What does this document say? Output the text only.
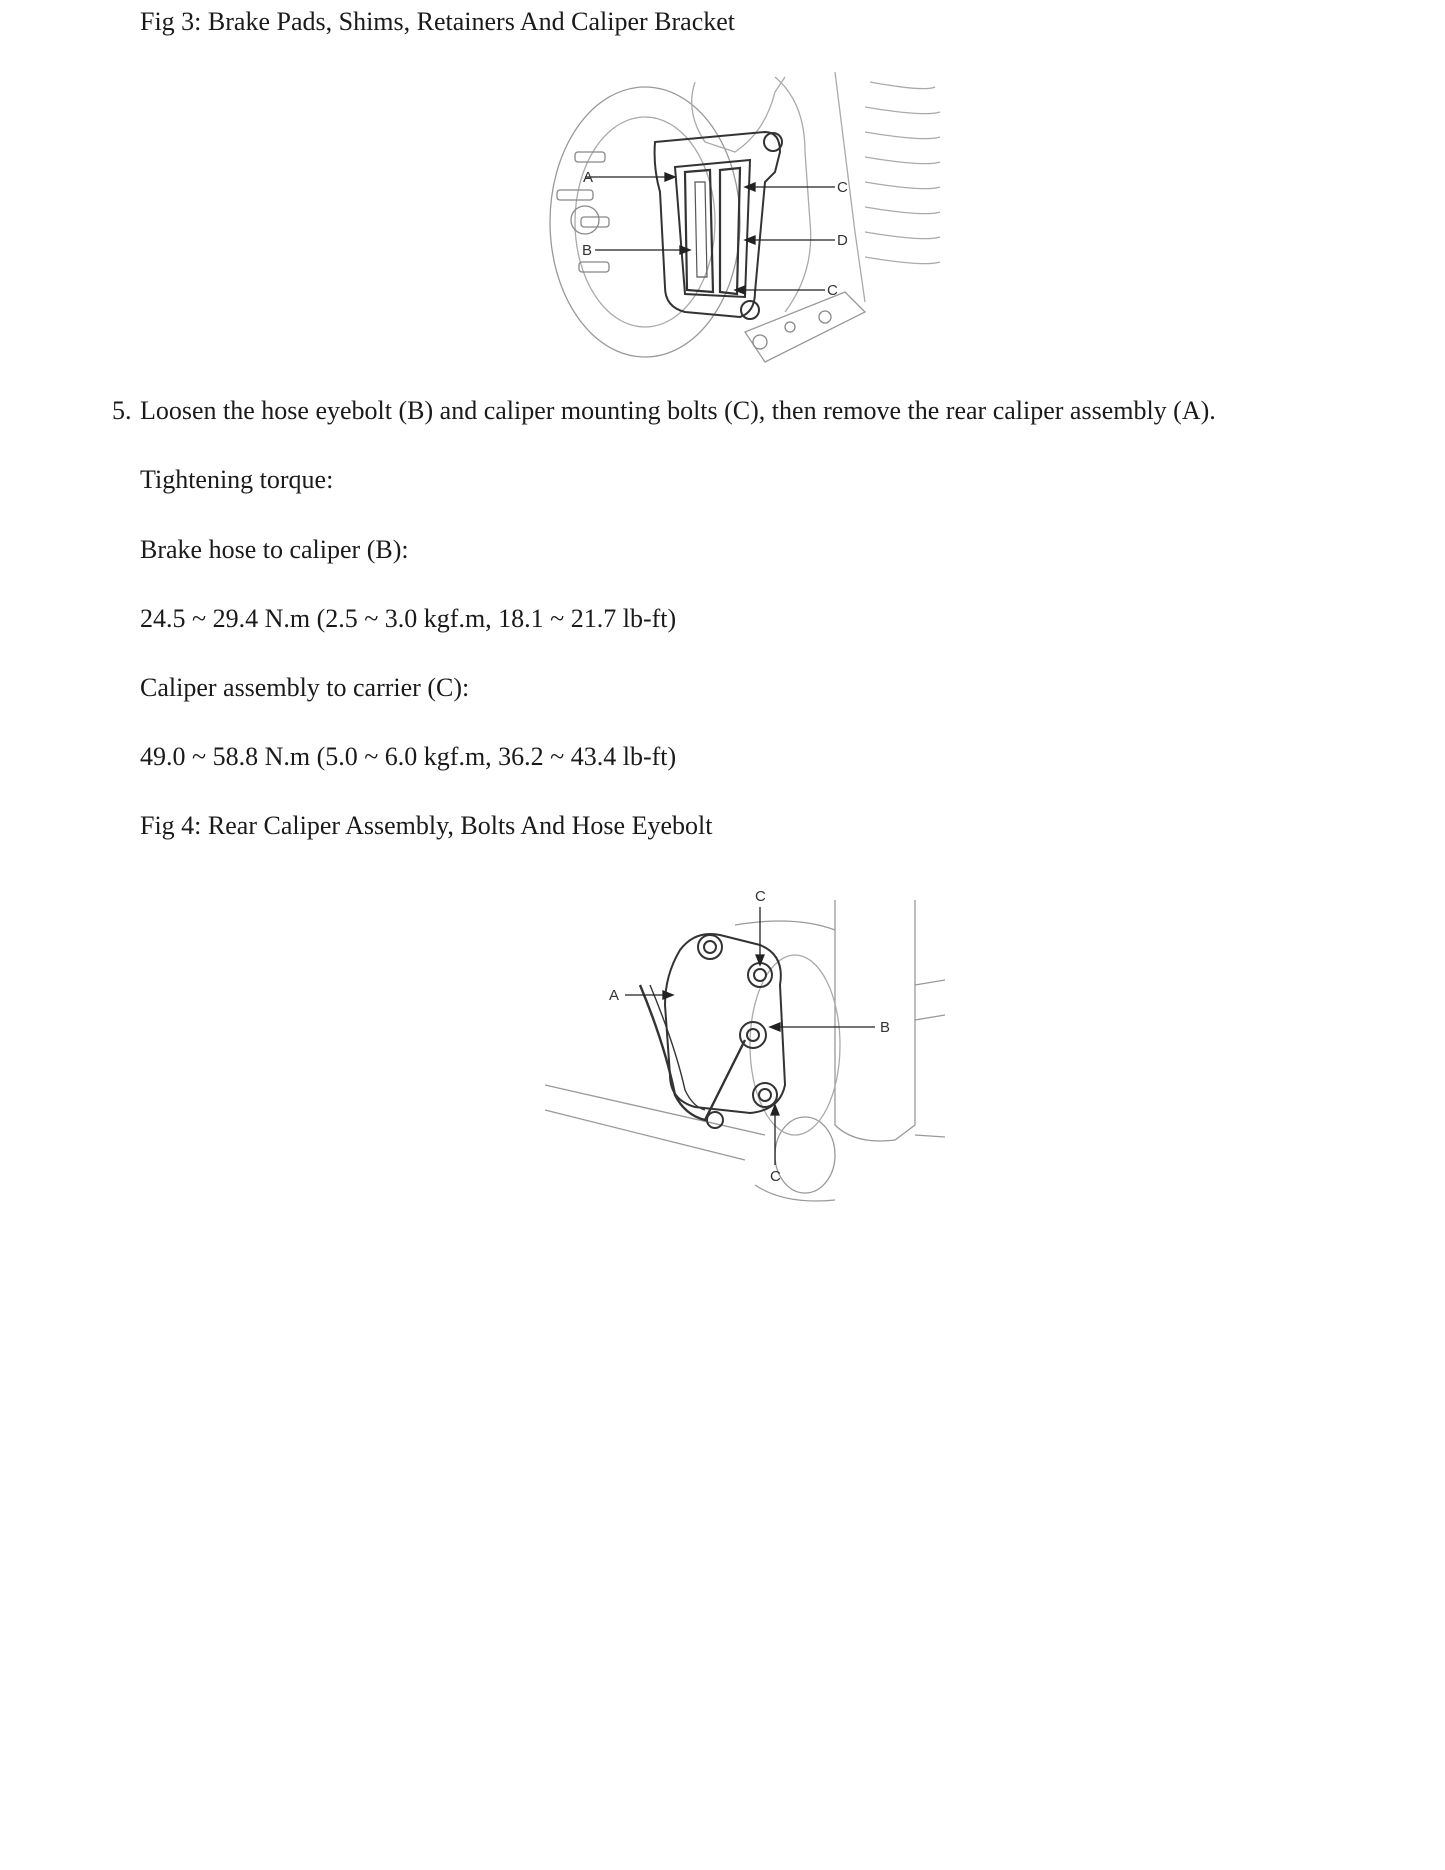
Fig 3: Brake Pads, Shims, Retainers And Caliper Bracket
A
B
C
D
C
5. Loosen the hose eyebolt (B) and caliper mounting bolts (C), then remove the rear caliper assembly (A).
Tightening torque:
Brake hose to caliper (B):
24.5 ~ 29.4 N.m (2.5 ~ 3.0 kgf.m, 18.1 ~ 21.7 lb-ft)
Caliper assembly to carrier (C):
49.0 ~ 58.8 N.m (5.0 ~ 6.0 kgf.m, 36.2 ~ 43.4 lb-ft)
Fig 4: Rear Caliper Assembly, Bolts And Hose Eyebolt
C
A
B
C
